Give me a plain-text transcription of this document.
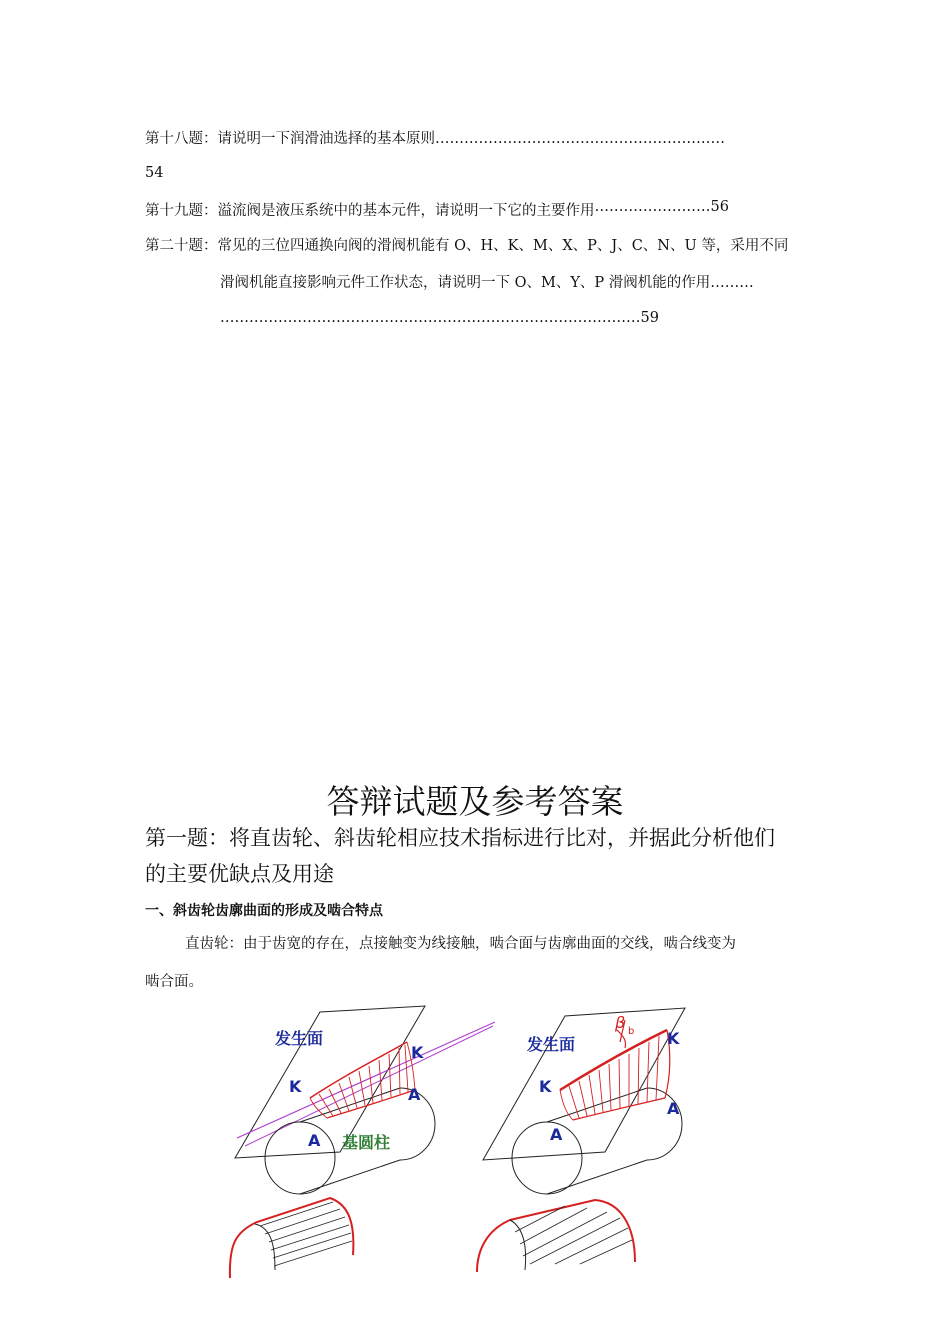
第十八题：请说明一下润滑油选择的基本原则……………………………………………………
54
第十九题：溢流阀是液压系统中的基本元件，请说明一下它的主要作用 …………………… 56
第二十题：常见的三位四通换向阀的滑阀机能有 O、H、K、M、X、P、J、C、N、U 等，采用不同
滑阀机能直接影响元件工作状态，请说明一下 O、M、Y、P 滑阀机能的作用………
……………………………………………………………………………59
答辩试题及参考答案
第一题：将直齿轮、斜齿轮相应技术指标进行比对，并据此分析他们
的主要优缺点及用途
一、斜齿轮齿廓曲面的形成及啮合特点
直齿轮：由于齿宽的存在，点接触变为线接触，啮合面与齿廓曲面的交线，啮合线变为
啮合面。
发生面
K
K	A
A 基圆柱
发生面
β b K
K
A
A
